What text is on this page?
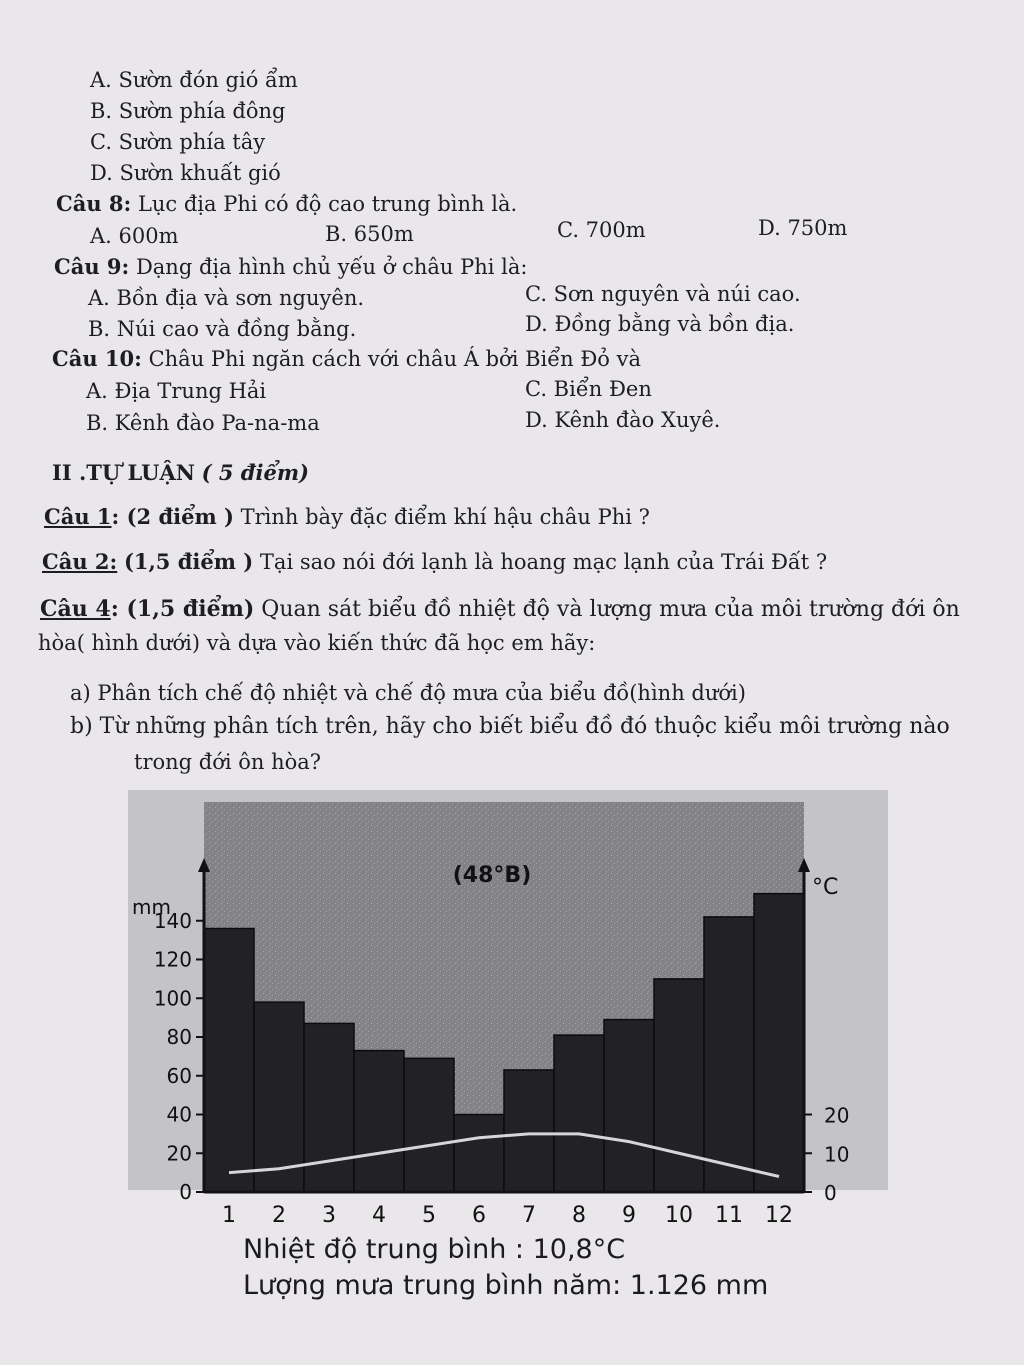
A. Sườn đón gió ẩm
B. Sườn phía đông
C. Sườn phía tây
D. Sườn khuất gió
Câu 8: Lục địa Phi có độ cao trung bình là.
A. 600m	B. 650m	C. 700m	D. 750m
Câu 9: Dạng địa hình chủ yếu ở châu Phi là:
A. Bồn địa và sơn nguyên.	C. Sơn nguyên và núi cao.
B. Núi cao và đồng bằng.	D. Đồng bằng và bồn địa.
Câu 10: Châu Phi ngăn cách với châu Á bởi Biển Đỏ và
A. Địa Trung Hải	C. Biển Đen
B. Kênh đào Pa-na-ma	D. Kênh đào Xuyê.
II .TỰ LUẬN ( 5 điểm)
Câu 1: (2 điểm ) Trình bày đặc điểm khí hậu châu Phi ?
Câu 2: (1,5 điểm ) Tại sao nói đới lạnh là hoang mạc lạnh của Trái Đất ?
Câu 4: (1,5 điểm) Quan sát biểu đồ nhiệt độ và lượng mưa của môi trường đới ôn
hòa( hình dưới) và dựa vào kiến thức đã học em hãy:
a) Phân tích chế độ nhiệt và chế độ mưa của biểu đồ(hình dưới)
b) Từ những phân tích trên, hãy cho biết biểu đồ đó thuộc kiểu môi trường nào
trong đới ôn hòa?
0
20
40
60
80
100
120
140
0
10
20
1 2 3 4 5 6 7 8 9 10 11 12
(48°B)
mm
°C
Nhiệt độ trung bình : 10,8°C
Lượng mưa trung bình năm: 1.126 mm
